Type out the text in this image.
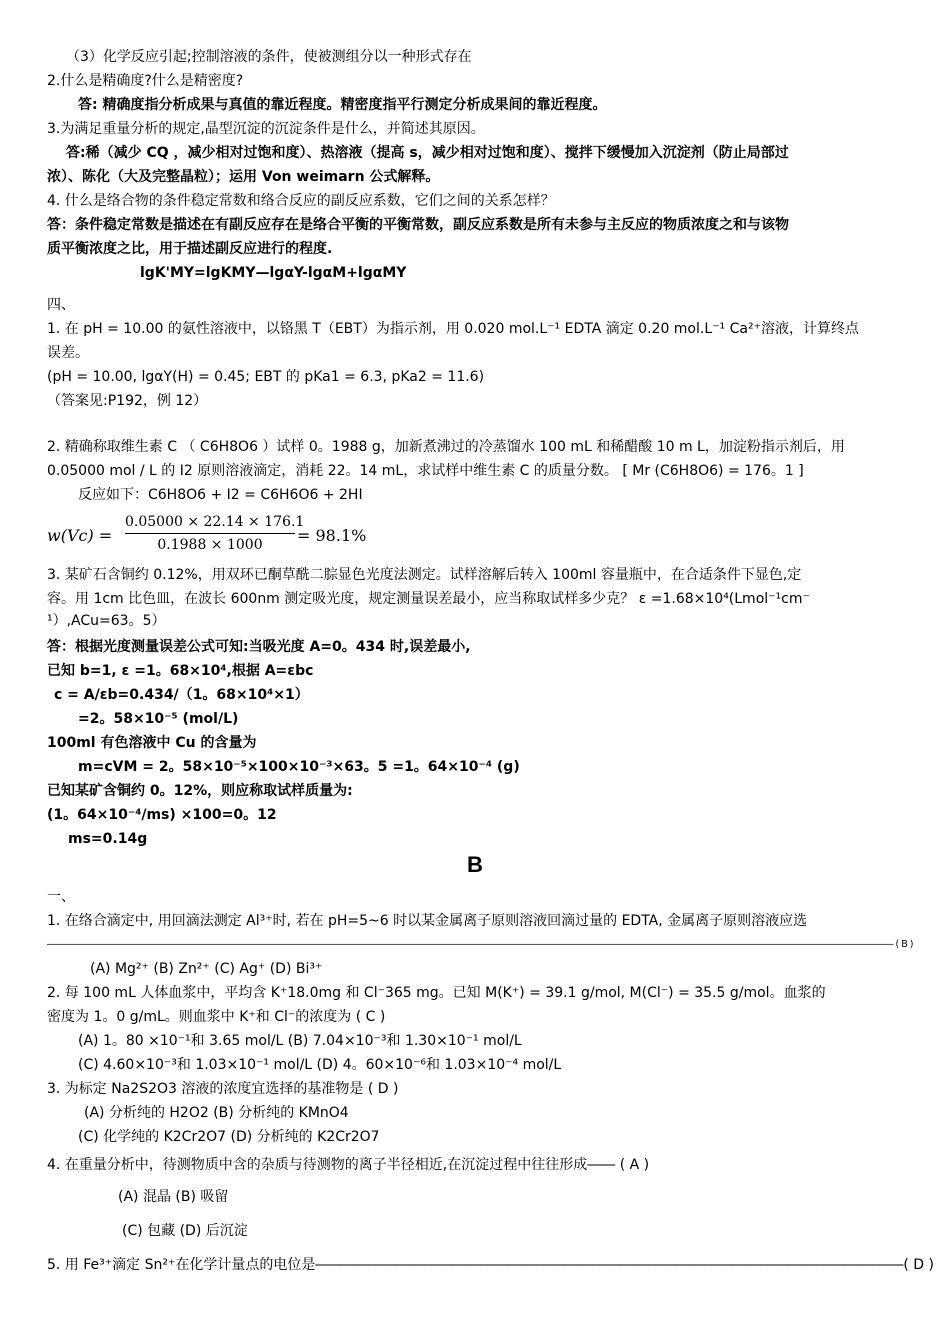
（3）化学反应引起;控制溶液的条件，使被测组分以一种形式存在
2.什么是精确度?什么是精密度?
答: 精确度指分析成果与真值的靠近程度。精密度指平行测定分析成果间的靠近程度。
3.为满足重量分析的规定,晶型沉淀的沉淀条件是什么，并简述其原因。
答:稀（减少 CQ ，减少相对过饱和度）、热溶液（提高 s，减少相对过饱和度）、搅拌下缓慢加入沉淀剂（防止局部过
浓）、陈化（大及完整晶粒）；运用 Von weimarn 公式解释。
4. 什么是络合物的条件稳定常数和络合反应的副反应系数，它们之间的关系怎样？
答：条件稳定常数是描述在有副反应存在是络合平衡的平衡常数，副反应系数是所有未参与主反应的物质浓度之和与该物
质平衡浓度之比，用于描述副反应进行的程度.
lgK'MY=lgKMY—lgαY-lgαM+lgαMY
四、
1. 在 pH = 10.00 的氨性溶液中，以铬黑 T（EBT）为指示剂，用 0.020 mol.L⁻¹ EDTA 滴定 0.20 mol.L⁻¹ Ca²⁺溶液，计算终点
误差。
(pH = 10.00, lgαY(H) = 0.45; EBT 的 pKa1 = 6.3, pKa2 = 11.6)
（答案见:P192，例 12）
2. 精确称取维生素 C （ C6H8O6 ）试样 0。1988 g，加新煮沸过的冷蒸馏水 100 mL 和稀醋酸 10 m L，加淀粉指示剂后，用
0.05000 mol / L 的 I2 原则溶液滴定，消耗 22。14 mL，求试样中维生素 C 的质量分数。 [ Mr (C6H8O6) = 176。1 ]
反应如下：C6H8O6 + I2 = C6H6O6 + 2HI
w(Vc) =
0.05000 × 22.14 × 176.1
0.1988 × 1000	= 98.1%
3. 某矿石含铜约 0.12%，用双环已酮草酰二腙显色光度法测定。试样溶解后转入 100ml 容量瓶中，在合适条件下显色,定
容。用 1cm 比色皿，在波长 600nm 测定吸光度，规定测量误差最小，应当称取试样多少克？ ε =1.68×10⁴(Lmol⁻¹cm⁻
¹）,ACu=63。5）
答：根据光度测量误差公式可知:当吸光度 A=0。434 时,误差最小,
已知 b=1, ε =1。68×10⁴,根据 A=εbc
c = A/εb=0.434/（1。68×10⁴×1）
=2。58×10⁻⁵ (mol/L)
100ml 有色溶液中 Cu 的含量为
m=cVM = 2。58×10⁻⁵×100×10⁻³×63。5 =1。64×10⁻⁴ (g)
已知某矿含铜约 0。12%，则应称取试样质量为:
(1。64×10⁻⁴/ms) ×100=0。12
ms=0.14g
B
一、
1. 在络合滴定中, 用回滴法测定 Al³⁺时, 若在 pH=5~6 时以某金属离子原则溶液回滴过量的 EDTA, 金属离子原则溶液应选
―――――――――――――――――――――――――――――――――――――――――――――――――――――――――――――――――――――――――――――――――――――――――――――― ( B )
(A) Mg²⁺ (B) Zn²⁺ (C) Ag⁺ (D) Bi³⁺
2. 每 100 mL 人体血浆中，平均含 K⁺18.0mg 和 Cl⁻365 mg。已知 M(K⁺) = 39.1 g/mol, M(Cl⁻) = 35.5 g/mol。血浆的
密度为 1。0 g/mL。则血浆中 K⁺和 Cl⁻的浓度为 ( C )
(A) 1。80 ×10⁻¹和 3.65 mol/L (B) 7.04×10⁻³和 1.30×10⁻¹ mol/L
(C) 4.60×10⁻³和 1.03×10⁻¹ mol/L (D) 4。60×10⁻⁶和 1.03×10⁻⁴ mol/L
3. 为标定 Na2S2O3 溶液的浓度宜选择的基准物是 ( D )
(A) 分析纯的 H2O2 (B) 分析纯的 KMnO4
(C) 化学纯的 K2Cr2O7 (D) 分析纯的 K2Cr2O7
4. 在重量分析中，待测物质中含的杂质与待测物的离子半径相近,在沉淀过程中往往形成―― ( A )
(A) 混晶 (B) 吸留
(C) 包藏 (D) 后沉淀
5. 用 Fe³⁺滴定 Sn²⁺在化学计量点的电位是――――――――――――――――――――――――――――――――――――――――――( D )
